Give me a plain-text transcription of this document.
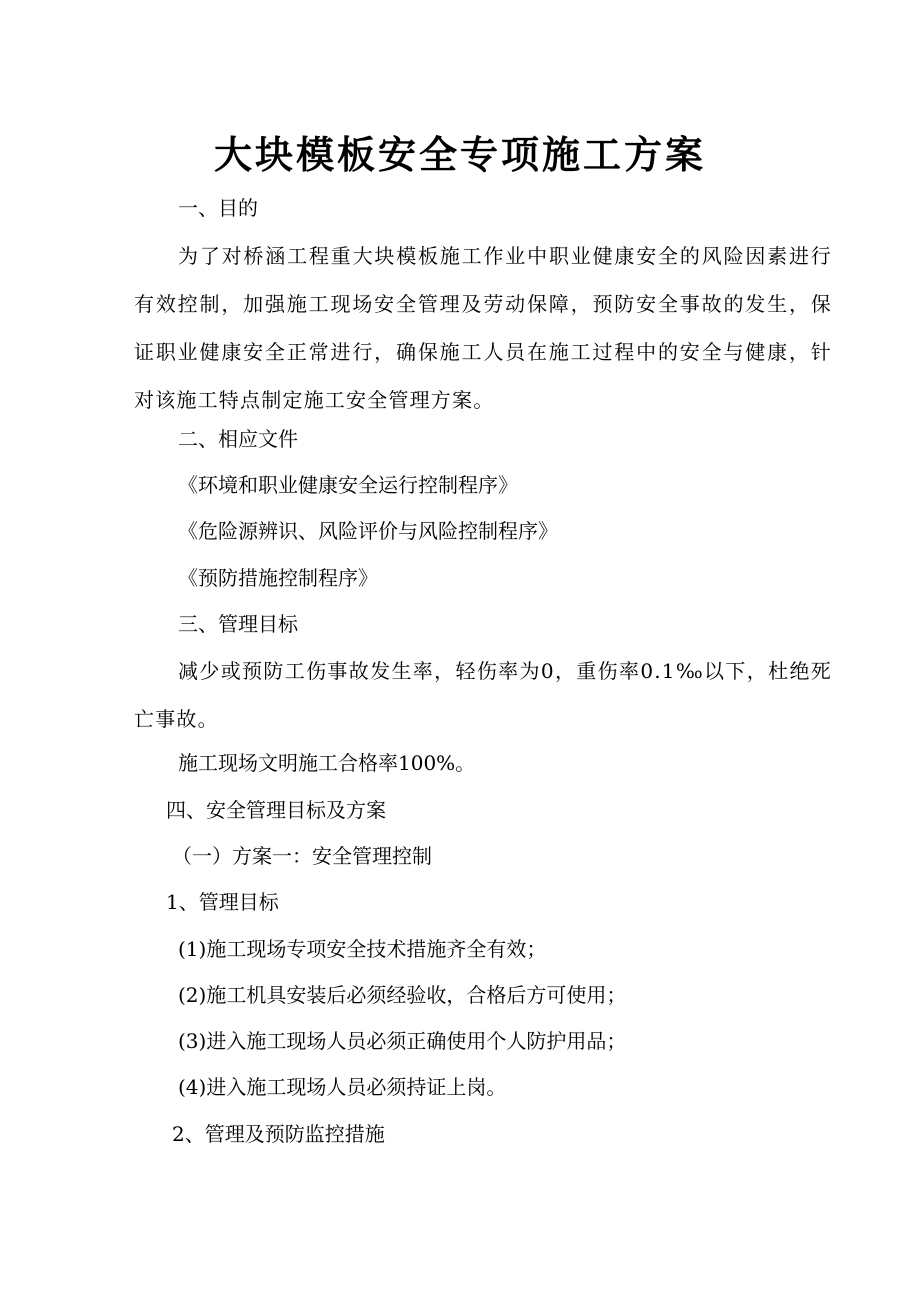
大块模板安全专项施工方案
一、目的
为了对桥涵工程重大块模板施工作业中职业健康安全的风险因素进行有效控制，加强施工现场安全管理及劳动保障，预防安全事故的发生，保证职业健康安全正常进行，确保施工人员在施工过程中的安全与健康，针对该施工特点制定施工安全管理方案。
二、相应文件
《环境和职业健康安全运行控制程序》
《危险源辨识、风险评价与风险控制程序》
《预防措施控制程序》
三、管理目标
减少或预防工伤事故发生率，轻伤率为0，重伤率0.1‰以下，杜绝死亡事故。
施工现场文明施工合格率100%。
四、安全管理目标及方案
（一）方案一：安全管理控制
1、管理目标
(1)施工现场专项安全技术措施齐全有效；
(2)施工机具安装后必须经验收，合格后方可使用；
(3)进入施工现场人员必须正确使用个人防护用品；
(4)进入施工现场人员必须持证上岗。
2、管理及预防监控措施
